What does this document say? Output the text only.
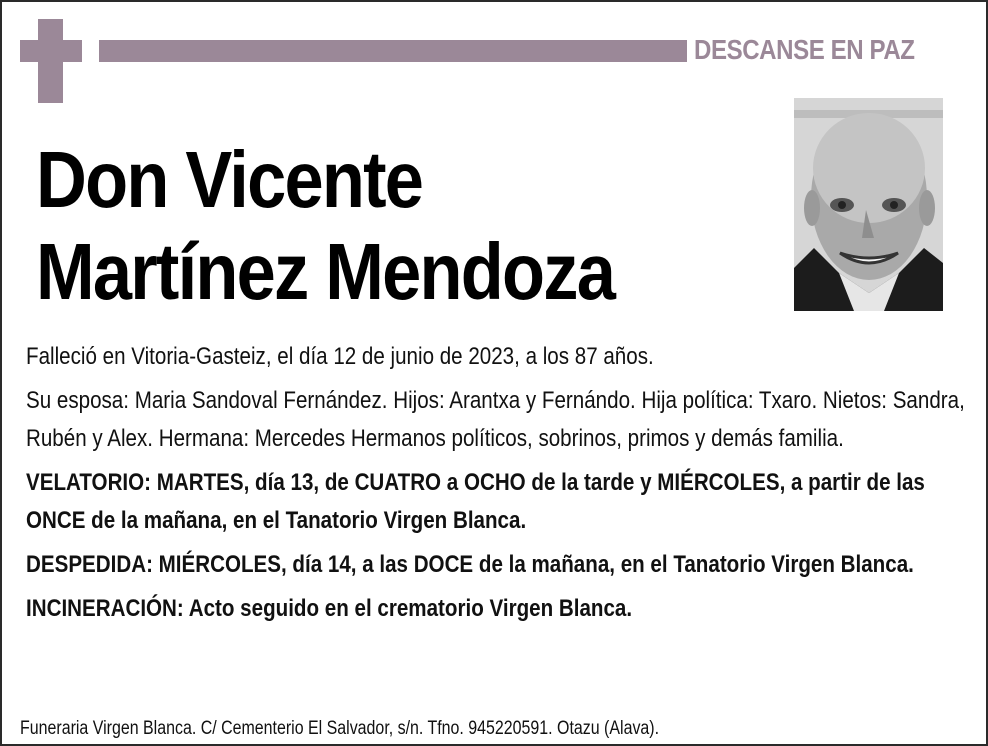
DESCANSE EN PAZ
Don Vicente
Martínez Mendoza

Falleció en Vitoria-Gasteiz, el día 12 de junio de 2023, a los 87 años.

Su esposa: Maria Sandoval Fernández. Hijos: Arantxa y Fernándo. Hija política: Txaro. Nietos: Sandra, Rubén y Alex. Hermana: Mercedes Hermanos políticos, sobrinos, primos y demás familia.

VELATORIO: MARTES, día 13, de CUATRO a OCHO de la tarde y MIÉRCOLES, a partir de las ONCE de la mañana, en el Tanatorio Virgen Blanca.

DESPEDIDA: MIÉRCOLES, día 14, a las DOCE de la mañana, en el Tanatorio Virgen Blanca.

INCINERACIÓN: Acto seguido en el crematorio Virgen Blanca.

Funeraria Virgen Blanca. C/ Cementerio El Salvador, s/n. Tfno. 945220591. Otazu (Alava).
